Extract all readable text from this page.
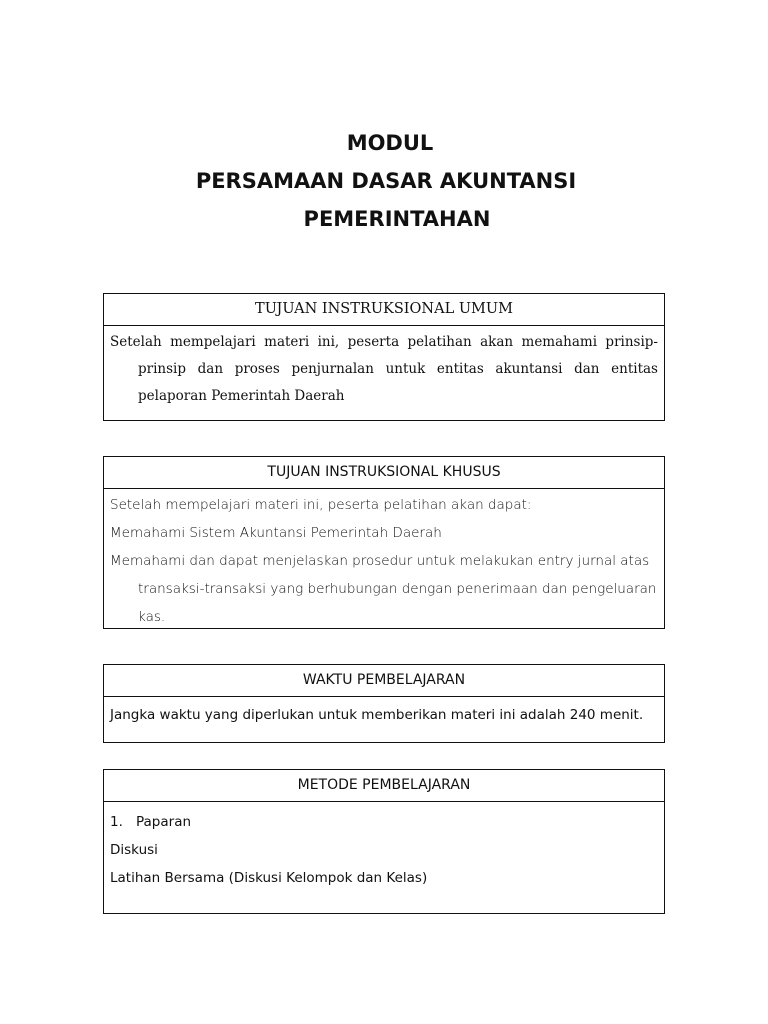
MODUL
PERSAMAAN DASAR AKUNTANSI
PEMERINTAHAN
TUJUAN INSTRUKSIONAL UMUM
Setelah mempelajari materi ini, peserta pelatihan akan memahami prinsip-prinsip dan proses penjurnalan untuk entitas akuntansi dan entitas pelaporan Pemerintah Daerah
TUJUAN INSTRUKSIONAL KHUSUS
Setelah mempelajari materi ini, peserta pelatihan akan dapat:
Memahami Sistem Akuntansi Pemerintah Daerah
Memahami dan dapat menjelaskan prosedur untuk melakukan entry jurnal atas transaksi-transaksi yang berhubungan dengan penerimaan dan pengeluaran kas.
WAKTU PEMBELAJARAN
Jangka waktu yang diperlukan untuk memberikan materi ini adalah 240 menit.
METODE PEMBELAJARAN
1. Paparan
Diskusi
Latihan Bersama (Diskusi Kelompok dan Kelas)
